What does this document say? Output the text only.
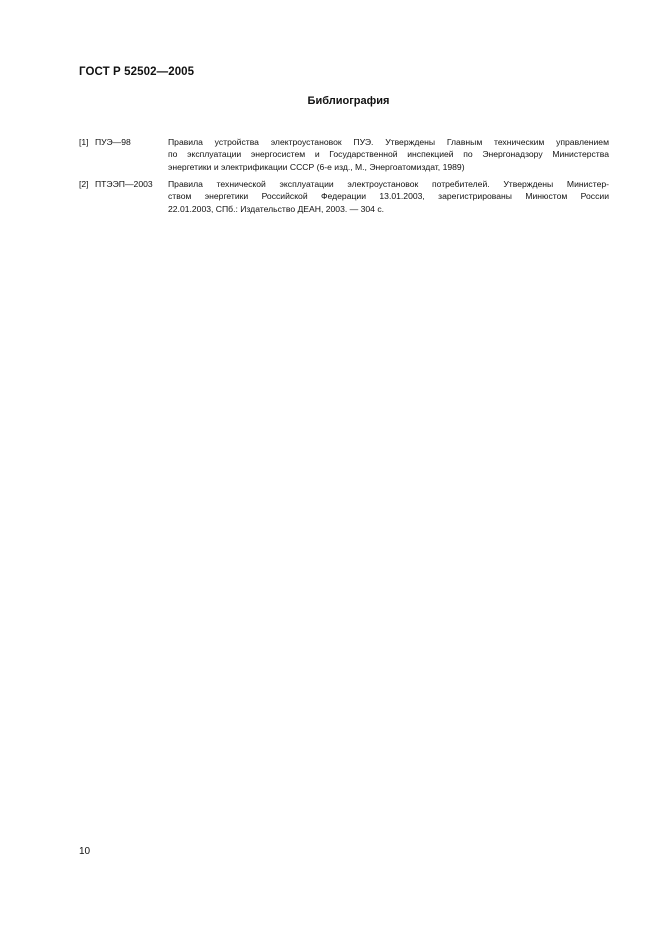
ГОСТ Р 52502—2005
Библиография
[1] ПУЭ—98	Правила устройства электроустановок ПУЭ. Утверждены Главным техническим управлением
по эксплуатации энергосистем и Государственной инспекцией по Энергонадзору Министерства
энергетики и электрификации СССР (6-е изд., М., Энергоатомиздат, 1989)
[2] ПТЭЭП—2003 Правила технической эксплуатации электроустановок потребителей. Утверждены Министер-
ством энергетики Российской Федерации 13.01.2003, зарегистрированы Минюстом России
22.01.2003, СПб.: Издательство ДЕАН, 2003. — 304 с.
10
